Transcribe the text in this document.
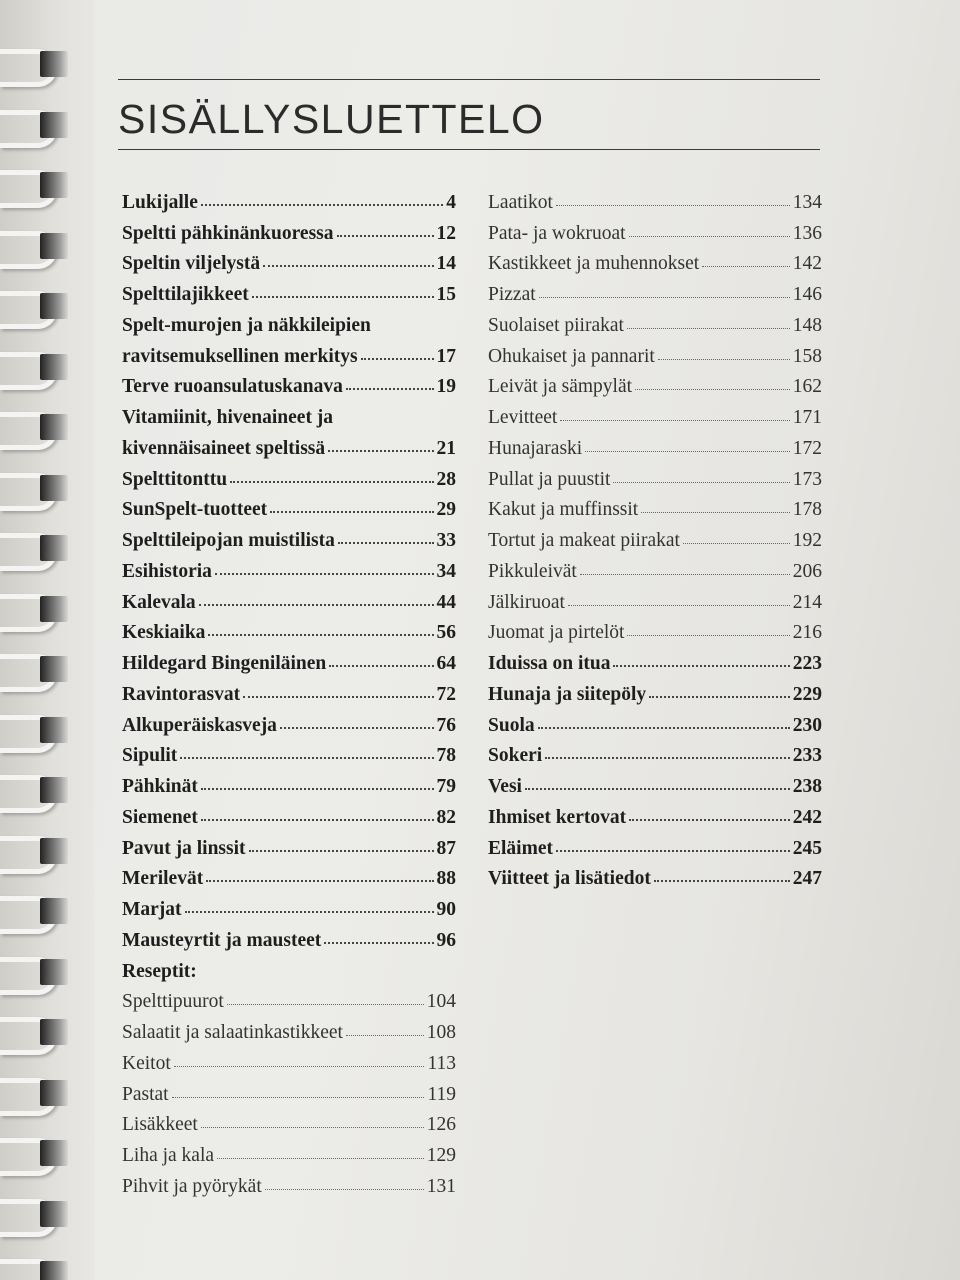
SISÄLLYSLUETTELO
Lukijalle	4
Speltti pähkinänkuoressa	12
Speltin viljelystä	14
Spelttilajikkeet	15
Spelt-murojen ja näkkileipien
ravitsemuksellinen merkitys	17
Terve ruoansulatuskanava	19
Vitamiinit, hivenaineet ja
kivennäisaineet speltissä	21
Spelttitonttu	28
SunSpelt-tuotteet	29
Spelttileipojan muistilista	33
Esihistoria	34
Kalevala	44
Keskiaika	56
Hildegard Bingeniläinen	64
Ravintorasvat	72
Alkuperäiskasveja	76
Sipulit	78
Pähkinät	79
Siemenet	82
Pavut ja linssit	87
Merilevät	88
Marjat	90
Mausteyrtit ja mausteet	96
Reseptit:
Spelttipuurot	104
Salaatit ja salaatinkastikkeet	108
Keitot	113
Pastat	119
Lisäkkeet	126
Liha ja kala	129
Pihvit ja pyörykät	131
Laatikot	134
Pata- ja wokruoat	136
Kastikkeet ja muhennokset	142
Pizzat	146
Suolaiset piirakat	148
Ohukaiset ja pannarit	158
Leivät ja sämpylät	162
Levitteet	171
Hunajaraski	172
Pullat ja puustit	173
Kakut ja muffinssit	178
Tortut ja makeat piirakat	192
Pikkuleivät	206
Jälkiruoat	214
Juomat ja pirtelöt	216
Iduissa on itua	223
Hunaja ja siitepöly	229
Suola	230
Sokeri	233
Vesi	238
Ihmiset kertovat	242
Eläimet	245
Viitteet ja lisätiedot	247
